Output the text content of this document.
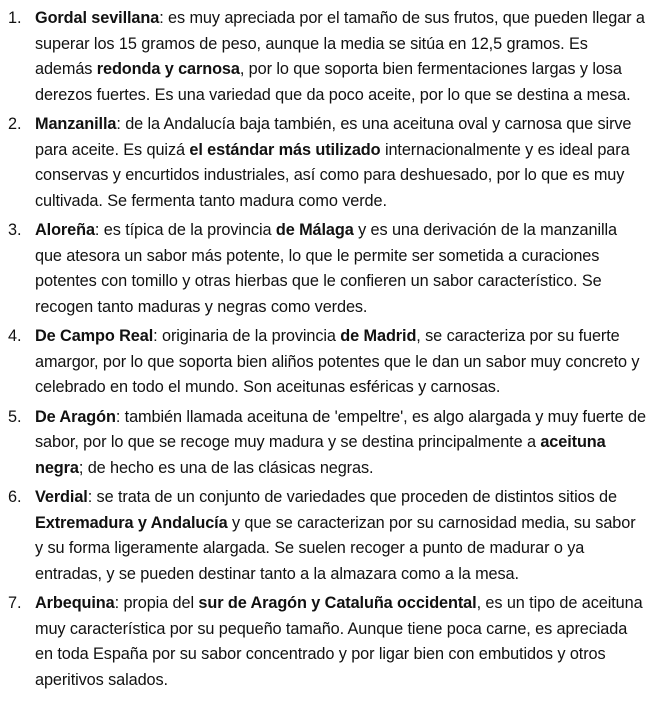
1. Gordal sevillana: es muy apreciada por el tamaño de sus frutos, que pueden llegar a superar los 15 gramos de peso, aunque la media se sitúa en 12,5 gramos. Es además redonda y carnosa, por lo que soporta bien fermentaciones largas y losa derezos fuertes. Es una variedad que da poco aceite, por lo que se destina a mesa.
2. Manzanilla: de la Andalucía baja también, es una aceituna oval y carnosa que sirve para aceite. Es quizá el estándar más utilizado internacionalmente y es ideal para conservas y encurtidos industriales, así como para deshuesado, por lo que es muy cultivada. Se fermenta tanto madura como verde.
3. Aloreña: es típica de la provincia de Málaga y es una derivación de la manzanilla que atesora un sabor más potente, lo que le permite ser sometida a curaciones potentes con tomillo y otras hierbas que le confieren un sabor característico. Se recogen tanto maduras y negras como verdes.
4. De Campo Real: originaria de la provincia de Madrid, se caracteriza por su fuerte amargor, por lo que soporta bien aliños potentes que le dan un sabor muy concreto y celebrado en todo el mundo. Son aceitunas esféricas y carnosas.
5. De Aragón: también llamada aceituna de 'empeltre', es algo alargada y muy fuerte de sabor, por lo que se recoge muy madura y se destina principalmente a aceituna negra; de hecho es una de las clásicas negras.
6. Verdial: se trata de un conjunto de variedades que proceden de distintos sitios de Extremadura y Andalucía y que se caracterizan por su carnosidad media, su sabor y su forma ligeramente alargada. Se suelen recoger a punto de madurar o ya entradas, y se pueden destinar tanto a la almazara como a la mesa.
7. Arbequina: propia del sur de Aragón y Cataluña occidental, es un tipo de aceituna muy característica por su pequeño tamaño. Aunque tiene poca carne, es apreciada en toda España por su sabor concentrado y por ligar bien con embutidos y otros aperitivos salados.
